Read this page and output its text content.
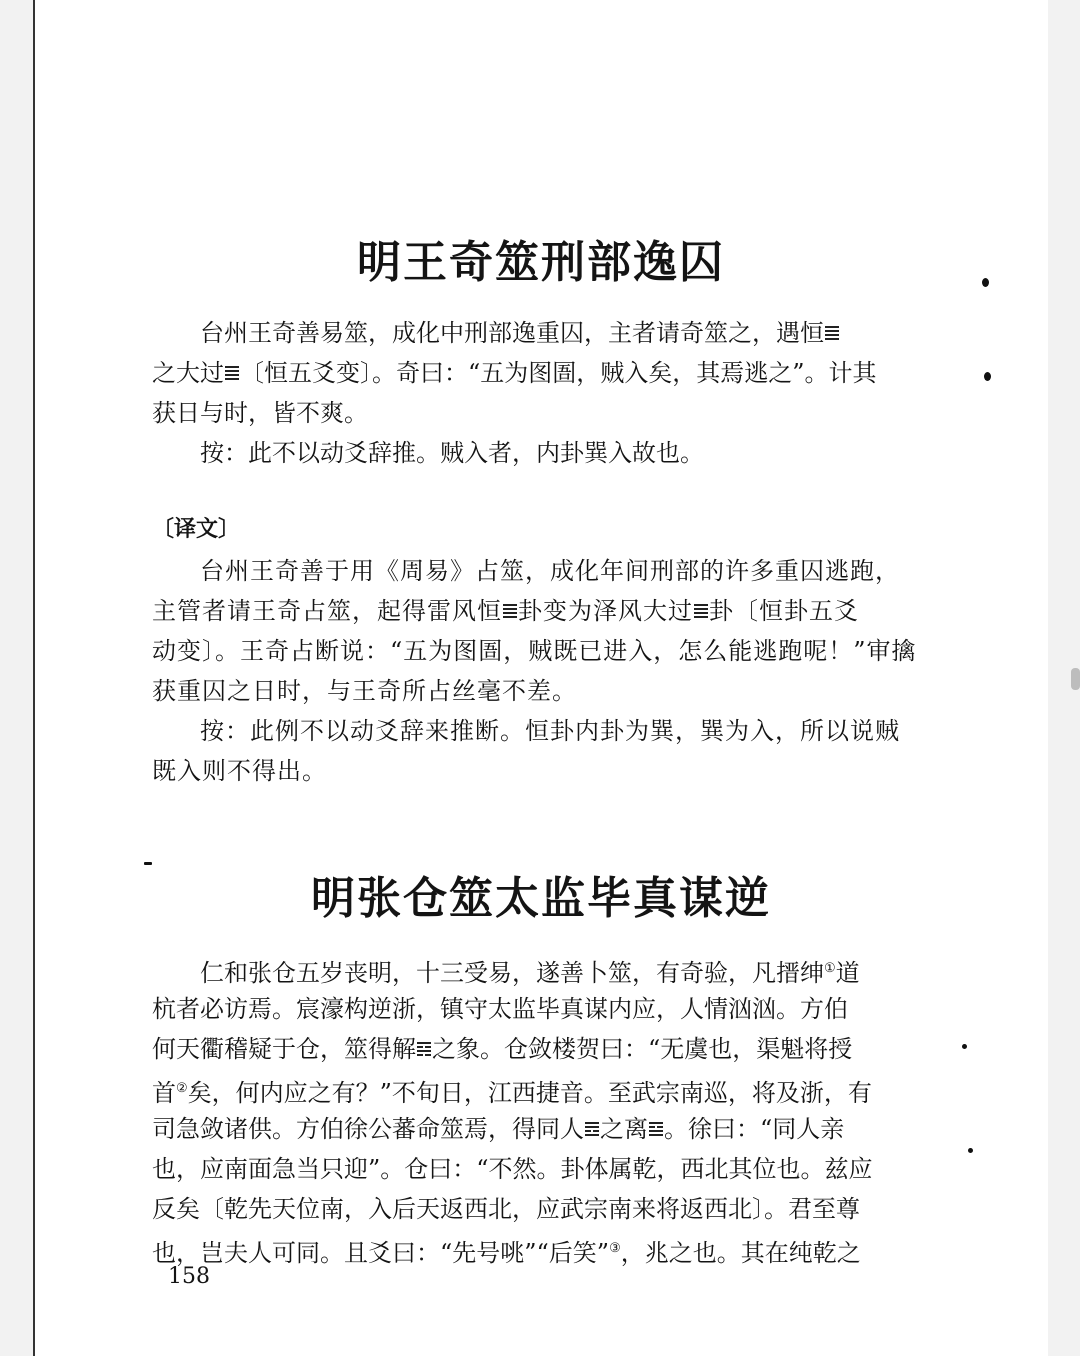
明王奇筮刑部逸囚

台州王奇善易筮，成化中刑部逸重囚，主者请奇筮之，遇恒

之大过 〔恒五爻变〕。奇曰：“五为图圄，贼入矣，其焉逃之”。计其

获日与时，皆不爽。

按：此不以动爻辞推。贼入者，内卦巽入故也。

〔译文〕

台州王奇善于用《周易》占筮，成化年间刑部的许多重囚逃跑，

主管者请王奇占筮，起得雷风恒 卦变为泽风大过 卦〔恒卦五爻

动变〕。王奇占断说：“五为图圄，贼既已进入，怎么能逃跑呢！”审擒

获重囚之日时，与王奇所占丝毫不差。

按：此例不以动爻辞来推断。恒卦内卦为巽，巽为入，所以说贼

既入则不得出。

明张仓筮太监毕真谋逆

仁和张仓五岁丧明，十三受易，遂善卜筮，有奇验，凡搢绅①道

杭者必访焉。宸濠构逆浙，镇守太监毕真谋内应，人情汹汹。方伯

何天衢稽疑于仓，筮得解 之象。仓敛楼贺曰：“无虞也，渠魁将授

首②矣，何内应之有？”不旬日，江西捷音。至武宗南巡，将及浙，有

司急敛诸供。方伯徐公蕃命筮焉，得同人 之离 。徐曰：“同人亲

也，应南面急当只迎”。仓曰：“不然。卦体属乾，西北其位也。兹应

反矣〔乾先天位南，入后天返西北，应武宗南来将返西北〕。君至尊

也，岂夫人可同。且爻曰：“先号咷”“后笑”③，兆之也。其在纯乾之

158
